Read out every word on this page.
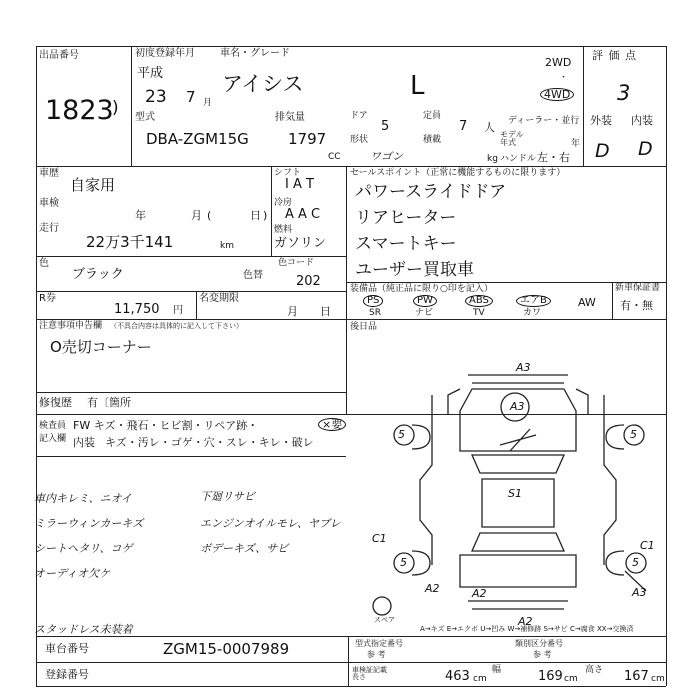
出品番号
1823
)
初度登録年月	車名・グレード
平成
23 7 月
アイシス	L
型式
DBA-ZGM15G
排気量
1797
CC
ドア
5
形状
ワゴン
定員
7 人
積載
kg
ディーラー・並行
モデル年式	年
ハンドル 左・右
2WD
・
4WD
評 価 点
3
外装 内装
D D
車歴
自家用
車検
年	月 (	日 )
走行
22万3千141	km
シフト
I A T
冷房
A A C
燃料
ガソリン
色
ブラック	色替
色コード
202
R券
11,750 円
名変期限
月 日
注意事項申告欄 （不具合内容は具体的に記入して下さい）
O売切コーナー
修復歴 有〔箇所
セールスポイント（正常に機能するものに限ります）
パワースライドドア
リアヒーター
スマートキー
ユーザー買取車
装備品（純正品に限り○印を記入）
PS
SR
PW
ナビ
ABS
TV
エアB
カワ
AW
新車保証書
有・無
後日品
検査員記入欄
FW キズ・飛石・ヒビ割・リペア跡・	×要
内装 キズ・汚レ・ゴゲ・穴・スレ・キレ・破レ
車内キレミ、ニオイ	下廻リサビ
ミラーウィンカーキズ	エンジンオイルモレ、ヤブレ
シートヘタリ、コゲ	ボデーキズ、サビ
オーディオ欠ケ
スタッドレス未装着
A3
A3
5	5
S1
5	5
C1
C1
A2	A2	A3
A2
スペア
A→キズ E→エクボ U→凹み W→補修跡 S→サビ C→腐食 XX→交換済
車台番号	ZGM15-0007989
登録番号
型式指定番号
参 考
類別区分番号
参 考
車検証記載 長さ	463 cm
幅	169 cm
高さ 167 cm
